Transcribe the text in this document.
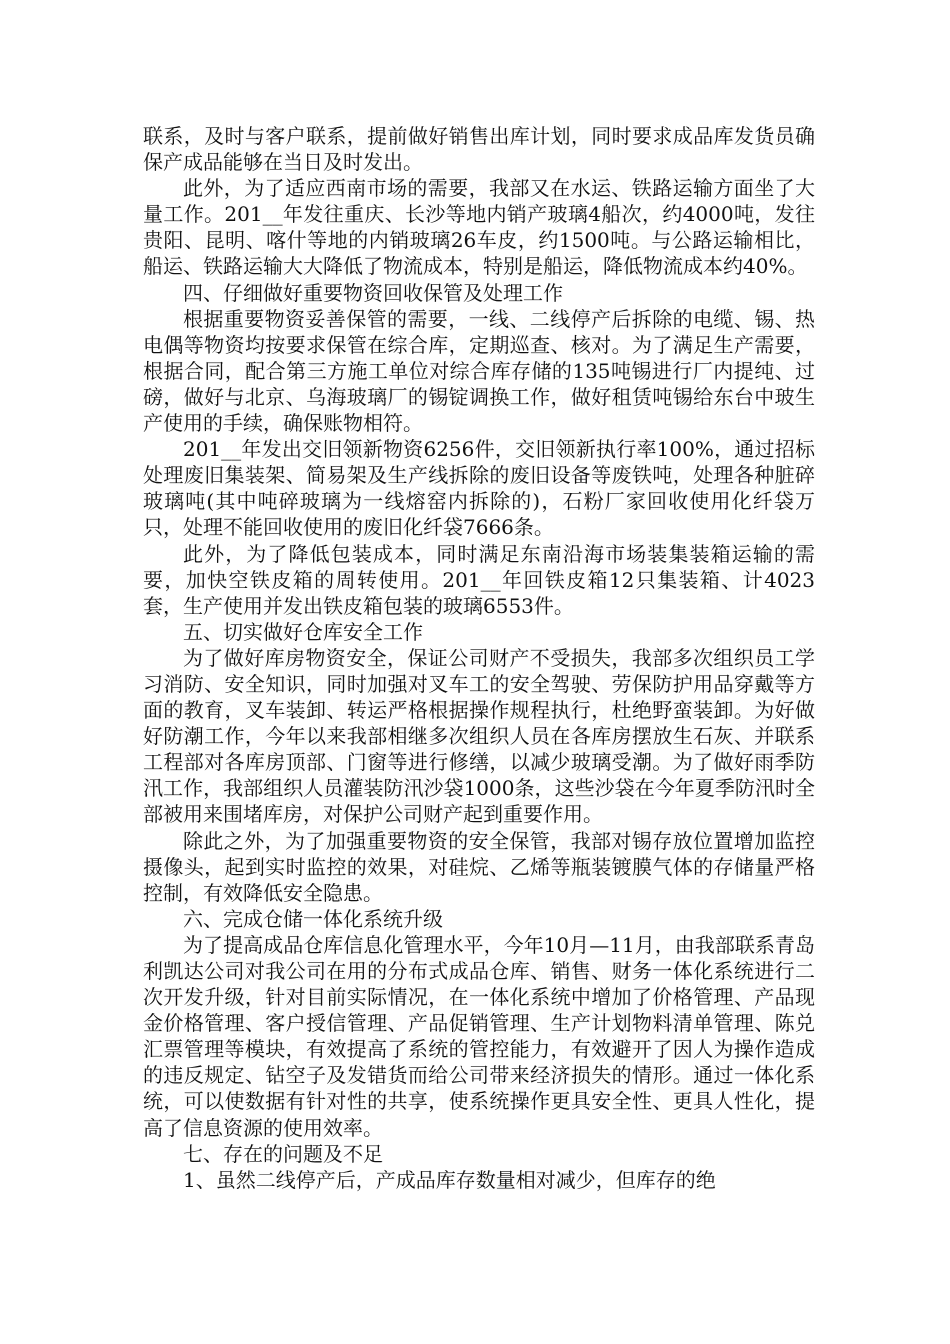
联系，及时与客户联系，提前做好销售出库计划，同时要求成品库发货员确保产成品能够在当日及时发出。

此外，为了适应西南市场的需要，我部又在水运、铁路运输方面坐了大量工作。201__年发往重庆、长沙等地内销产玻璃4船次，约4000吨，发往贵阳、昆明、喀什等地的内销玻璃26车皮，约1500吨。与公路运输相比，船运、铁路运输大大降低了物流成本，特别是船运，降低物流成本约40%。

四、仔细做好重要物资回收保管及处理工作

根据重要物资妥善保管的需要，一线、二线停产后拆除的电缆、锡、热电偶等物资均按要求保管在综合库，定期巡查、核对。为了满足生产需要，根据合同，配合第三方施工单位对综合库存储的135吨锡进行厂内提纯、过磅，做好与北京、乌海玻璃厂的锡锭调换工作，做好租赁吨锡给东台中玻生产使用的手续，确保账物相符。

201__年发出交旧领新物资6256件，交旧领新执行率100%，通过招标处理废旧集装架、简易架及生产线拆除的废旧设备等废铁吨，处理各种脏碎玻璃吨(其中吨碎玻璃为一线熔窑内拆除的)，石粉厂家回收使用化纤袋万只，处理不能回收使用的废旧化纤袋7666条。

此外，为了降低包装成本，同时满足东南沿海市场装集装箱运输的需要，加快空铁皮箱的周转使用。201__年回铁皮箱12只集装箱、计4023套，生产使用并发出铁皮箱包装的玻璃6553件。

五、切实做好仓库安全工作

为了做好库房物资安全，保证公司财产不受损失，我部多次组织员工学习消防、安全知识，同时加强对叉车工的安全驾驶、劳保防护用品穿戴等方面的教育，叉车装卸、转运严格根据操作规程执行，杜绝野蛮装卸。为好做好防潮工作，今年以来我部相继多次组织人员在各库房摆放生石灰、并联系工程部对各库房顶部、门窗等进行修缮，以减少玻璃受潮。为了做好雨季防汛工作，我部组织人员灌装防汛沙袋1000条，这些沙袋在今年夏季防汛时全部被用来围堵库房，对保护公司财产起到重要作用。

除此之外，为了加强重要物资的安全保管，我部对锡存放位置增加监控摄像头，起到实时监控的效果，对硅烷、乙烯等瓶装镀膜气体的存储量严格控制，有效降低安全隐患。

六、完成仓储一体化系统升级

为了提高成品仓库信息化管理水平，今年10月—11月，由我部联系青岛利凯达公司对我公司在用的分布式成品仓库、销售、财务一体化系统进行二次开发升级，针对目前实际情况，在一体化系统中增加了价格管理、产品现金价格管理、客户授信管理、产品促销管理、生产计划物料清单管理、陈兑汇票管理等模块，有效提高了系统的管控能力，有效避开了因人为操作造成的违反规定、钻空子及发错货而给公司带来经济损失的情形。通过一体化系统，可以使数据有针对性的共享，使系统操作更具安全性、更具人性化，提高了信息资源的使用效率。

七、存在的问题及不足

1、虽然二线停产后，产成品库存数量相对减少，但库存的绝
